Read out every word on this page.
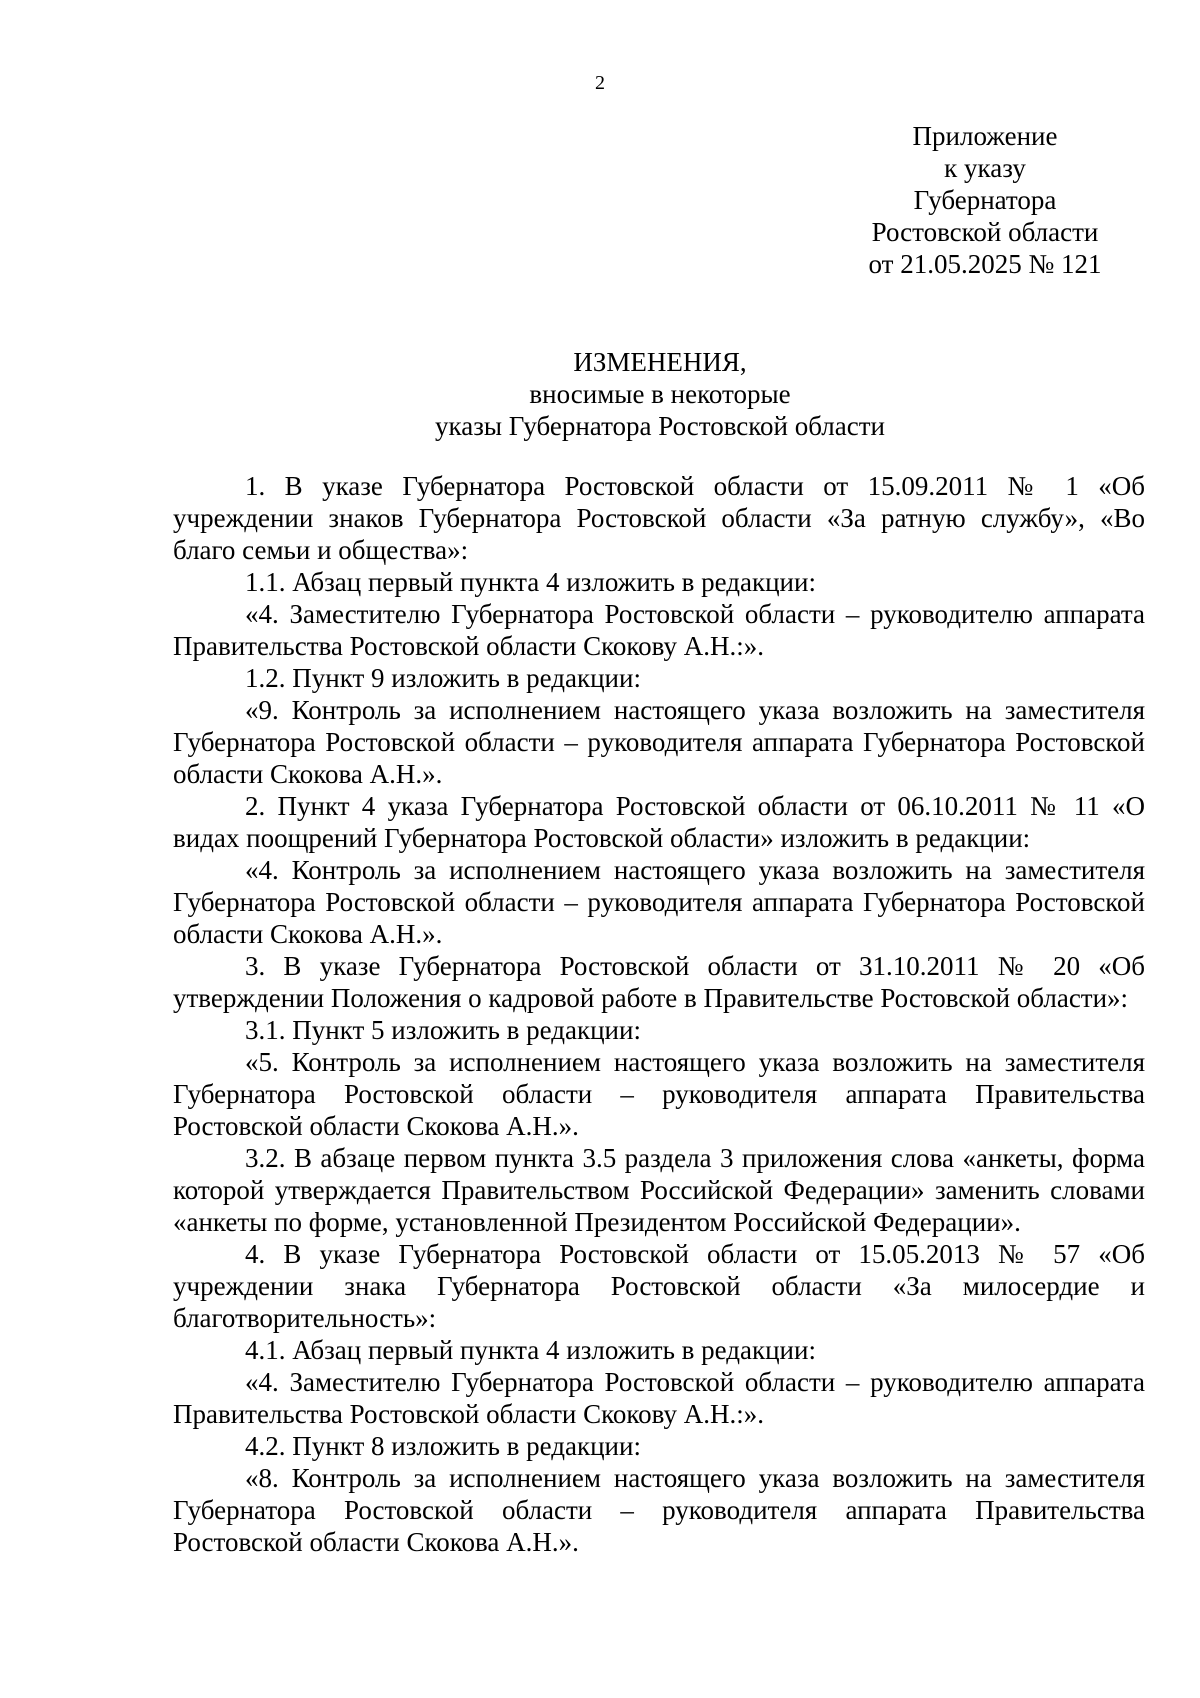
2
Приложение
к указу
Губернатора
Ростовской области
от 21.05.2025 № 121
ИЗМЕНЕНИЯ,
вносимые в некоторые
указы Губернатора Ростовской области

1. В указе Губернатора Ростовской области от 15.09.2011 № 1 «Об учреждении знаков Губернатора Ростовской области «За ратную службу», «Во благо семьи и общества»:

1.1. Абзац первый пункта 4 изложить в редакции:

«4. Заместителю Губернатора Ростовской области – руководителю аппарата Правительства Ростовской области Скокову А.Н.:».

1.2. Пункт 9 изложить в редакции:

«9. Контроль за исполнением настоящего указа возложить на заместителя Губернатора Ростовской области – руководителя аппарата Губернатора Ростовской области Скокова А.Н.».

2. Пункт 4 указа Губернатора Ростовской области от 06.10.2011 № 11 «О видах поощрений Губернатора Ростовской области» изложить в редакции:

«4. Контроль за исполнением настоящего указа возложить на заместителя Губернатора Ростовской области – руководителя аппарата Губернатора Ростовской области Скокова А.Н.».

3. В указе Губернатора Ростовской области от 31.10.2011 № 20 «Об утверждении Положения о кадровой работе в Правительстве Ростовской области»:

3.1. Пункт 5 изложить в редакции:

«5. Контроль за исполнением настоящего указа возложить на заместителя Губернатора Ростовской области – руководителя аппарата Правительства Ростовской области Скокова А.Н.».

3.2. В абзаце первом пункта 3.5 раздела 3 приложения слова «анкеты, форма которой утверждается Правительством Российской Федерации» заменить словами «анкеты по форме, установленной Президентом Российской Федерации».

4. В указе Губернатора Ростовской области от 15.05.2013 № 57 «Об учреждении знака Губернатора Ростовской области «За милосердие и благотворительность»:

4.1. Абзац первый пункта 4 изложить в редакции:

«4. Заместителю Губернатора Ростовской области – руководителю аппарата Правительства Ростовской области Скокову А.Н.:».

4.2. Пункт 8 изложить в редакции:

«8. Контроль за исполнением настоящего указа возложить на заместителя Губернатора Ростовской области – руководителя аппарата Правительства Ростовской области Скокова А.Н.».
